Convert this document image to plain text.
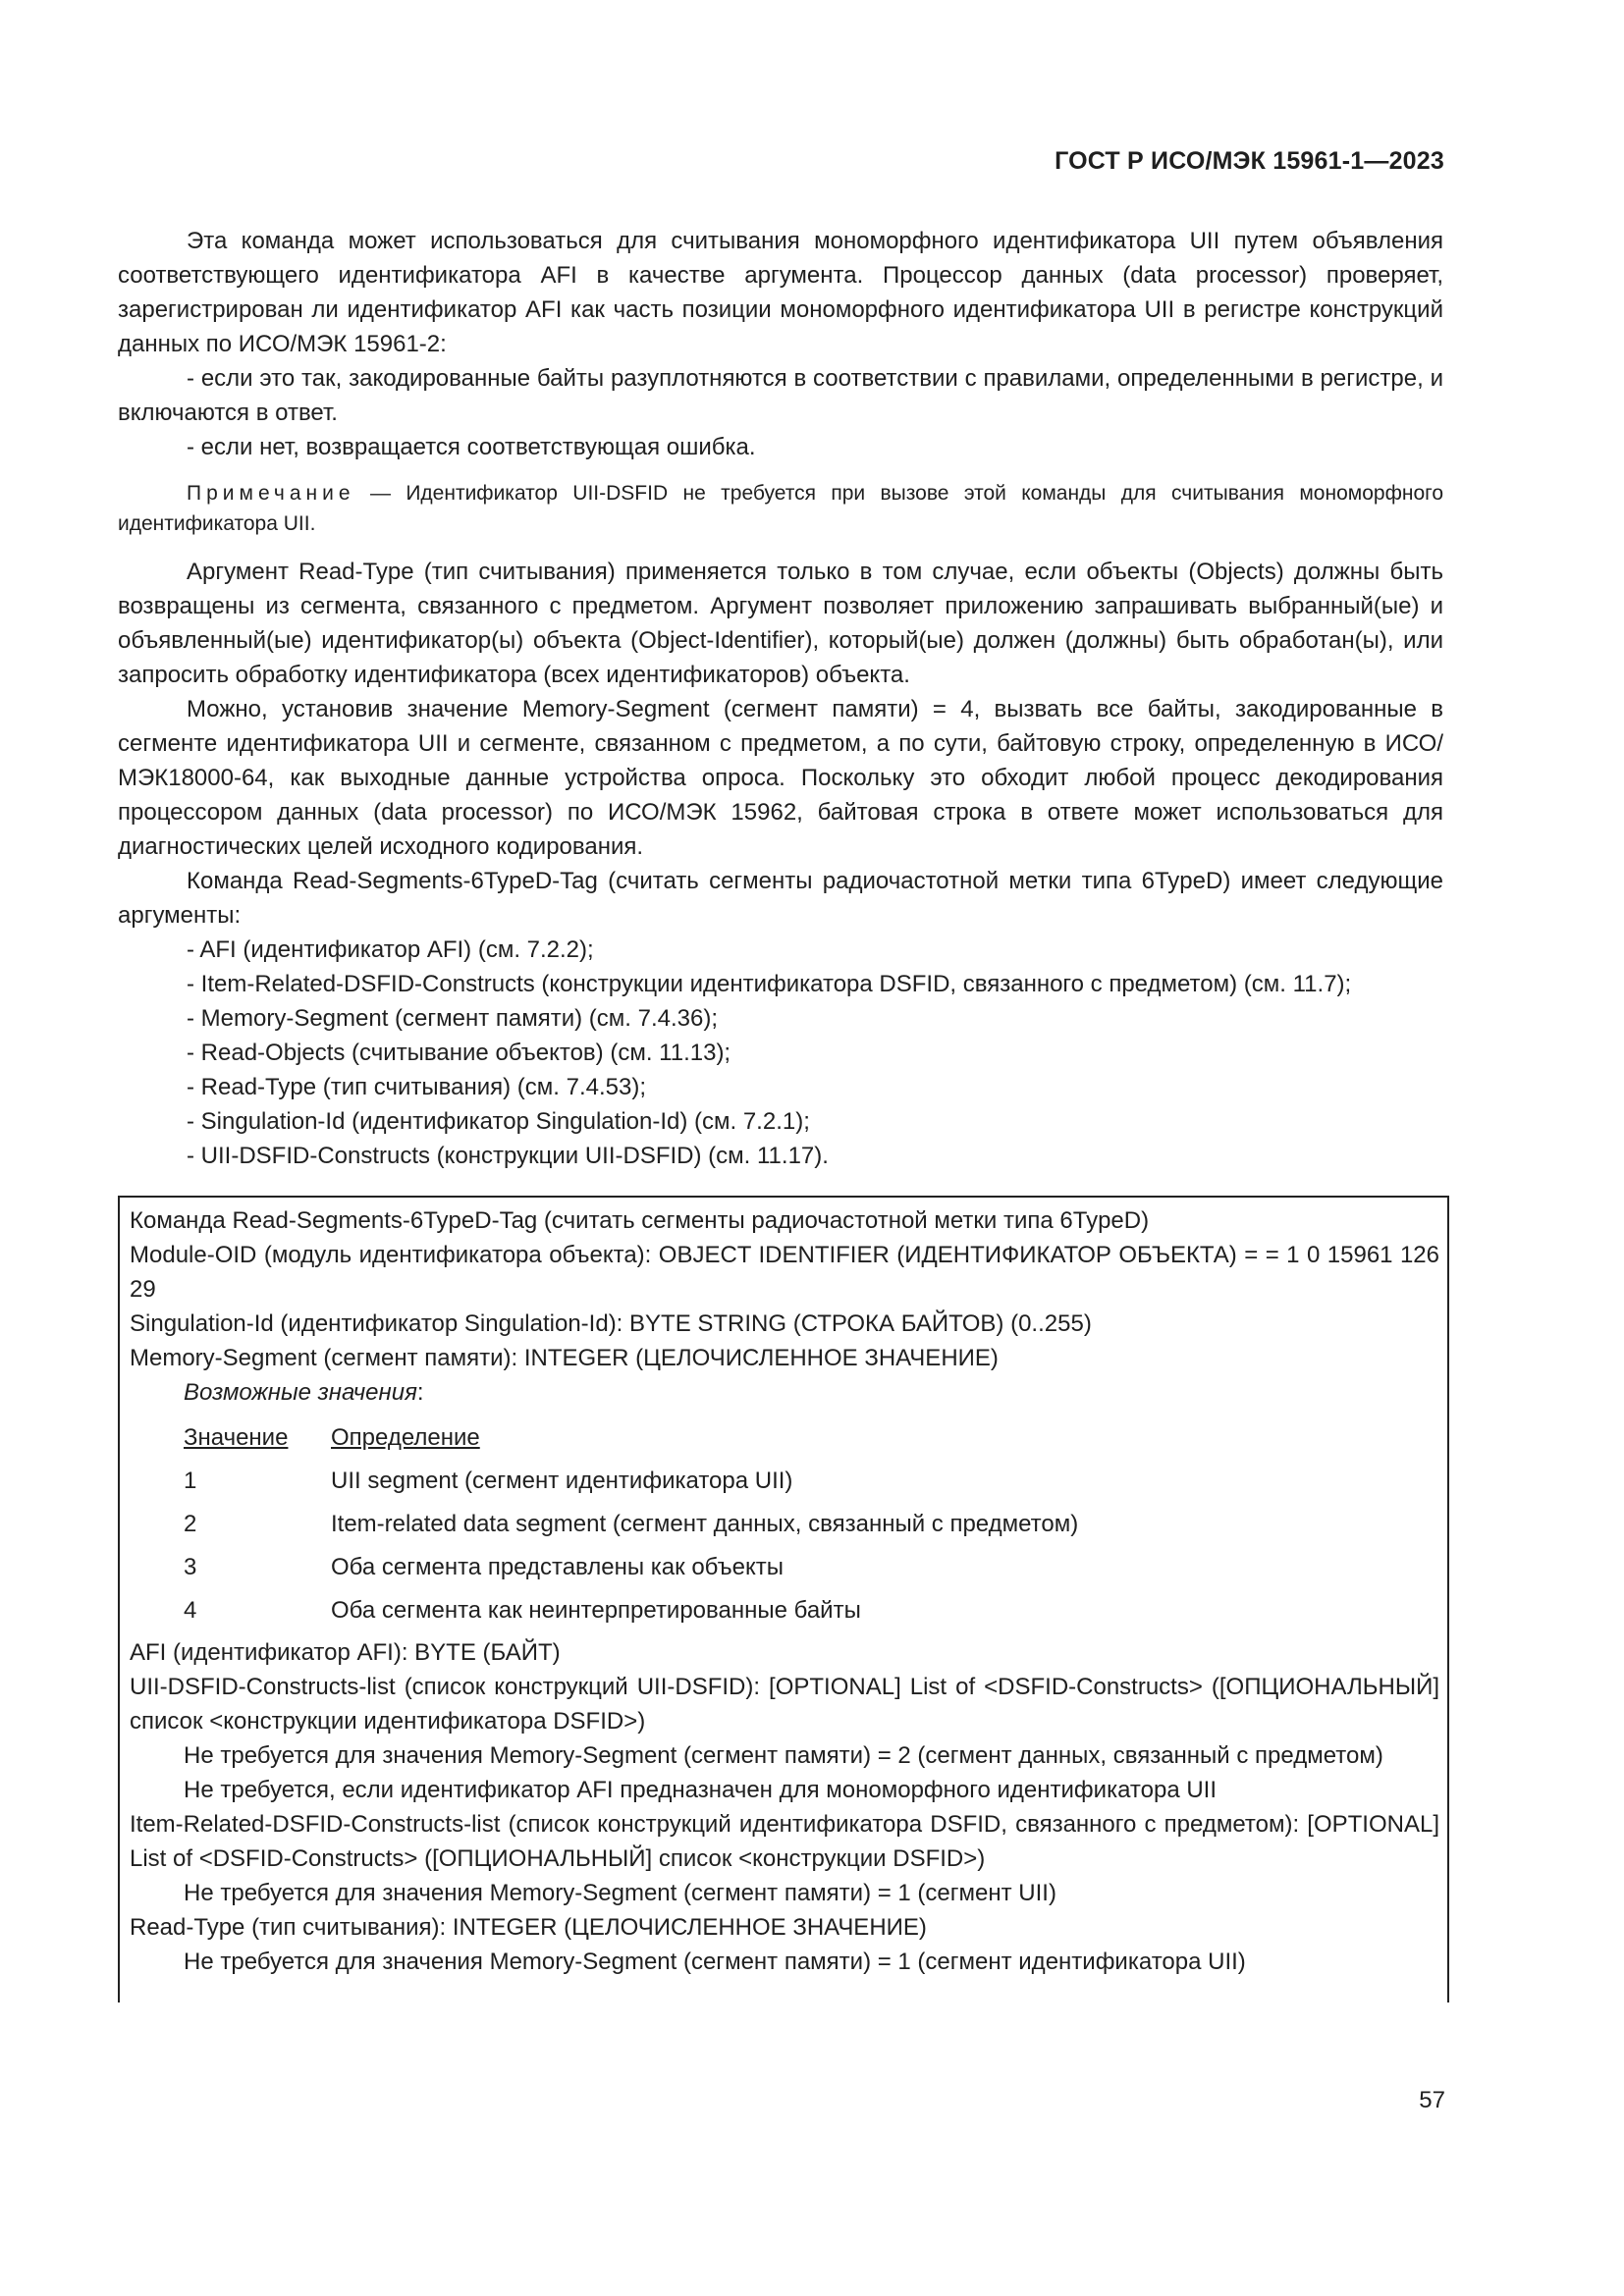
ГОСТ Р ИСО/МЭК 15961-1—2023

Эта команда может использоваться для считывания мономорфного идентификатора UII путем объявления соответствующего идентификатора AFI в качестве аргумента. Процессор данных (data processor) проверяет, зарегистрирован ли идентификатор AFI как часть позиции мономорфного идентификатора UII в регистре конструкций данных по ИСО/МЭК 15961-2:

- если это так, закодированные байты разуплотняются в соответствии с правилами, определенными в регистре, и включаются в ответ.

- если нет, возвращается соответствующая ошибка.

Примечание — Идентификатор UII-DSFID не требуется при вызове этой команды для считывания мономорфного идентификатора UII.

Аргумент Read-Type (тип считывания) применяется только в том случае, если объекты (Objects) должны быть возвращены из сегмента, связанного с предметом. Аргумент позволяет приложению запрашивать выбранный(ые) и объявленный(ые) идентификатор(ы) объекта (Object-Identifier), который(ые) должен (должны) быть обработан(ы), или запросить обработку идентификатора (всех идентификаторов) объекта.

Можно, установив значение Memory-Segment (сегмент памяти) = 4, вызвать все байты, закодированные в сегменте идентификатора UII и сегменте, связанном с предметом, а по сути, байтовую строку, определенную в ИСО/МЭК18000-64, как выходные данные устройства опроса. Поскольку это обходит любой процесс декодирования процессором данных (data processor) по ИСО/МЭК 15962, байтовая строка в ответе может использоваться для диагностических целей исходного кодирования.

Команда Read-Segments-6TypeD-Tag (считать сегменты радиочастотной метки типа 6TypeD) имеет следующие аргументы:

- AFI (идентификатор AFI) (см. 7.2.2);

- Item-Related-DSFID-Constructs (конструкции идентификатора DSFID, связанного с предметом) (см. 11.7);

- Memory-Segment (сегмент памяти) (см. 7.4.36);

- Read-Objects (считывание объектов) (см. 11.13);

- Read-Type (тип считывания) (см. 7.4.53);

- Singulation-Id (идентификатор Singulation-Id) (см. 7.2.1);

- UII-DSFID-Constructs (конструкции UII-DSFID) (см. 11.17).

Команда Read-Segments-6TypeD-Tag (считать сегменты радиочастотной метки типа 6TypeD)

Module-OID (модуль идентификатора объекта): OBJECT IDENTIFIER (ИДЕНТИФИКАТОР ОБЪЕКТА) = = 1 0 15961 126 29

Singulation-Id (идентификатор Singulation-Id): BYTE STRING (СТРОКА БАЙТОВ) (0..255)

Memory-Segment (сегмент памяти): INTEGER (ЦЕЛОЧИСЛЕННОЕ ЗНАЧЕНИЕ)

Возможные значения:

Значение	Определение
1	UII segment (сегмент идентификатора UII)
2	Item-related data segment (сегмент данных, связанный с предметом)
3	Оба сегмента представлены как объекты
4	Оба сегмента как неинтерпретированные байты

AFI (идентификатор AFI): BYTE (БАЙТ)

UII-DSFID-Constructs-list (список конструкций UII-DSFID): [OPTIONAL] List of <DSFID-Constructs> ([ОПЦИОНАЛЬНЫЙ] список <конструкции идентификатора DSFID>)

Не требуется для значения Memory-Segment (сегмент памяти) = 2 (сегмент данных, связанный с предметом)

Не требуется, если идентификатор AFI предназначен для мономорфного идентификатора UII

Item-Related-DSFID-Constructs-list (список конструкций идентификатора DSFID, связанного с предметом): [OPTIONAL] List of <DSFID-Constructs> ([ОПЦИОНАЛЬНЫЙ] список <конструкции DSFID>)

Не требуется для значения Memory-Segment (сегмент памяти) = 1 (сегмент UII)

Read-Type (тип считывания): INTEGER (ЦЕЛОЧИСЛЕННОЕ ЗНАЧЕНИЕ)

Не требуется для значения Memory-Segment (сегмент памяти) = 1 (сегмент идентификатора UII)

57
